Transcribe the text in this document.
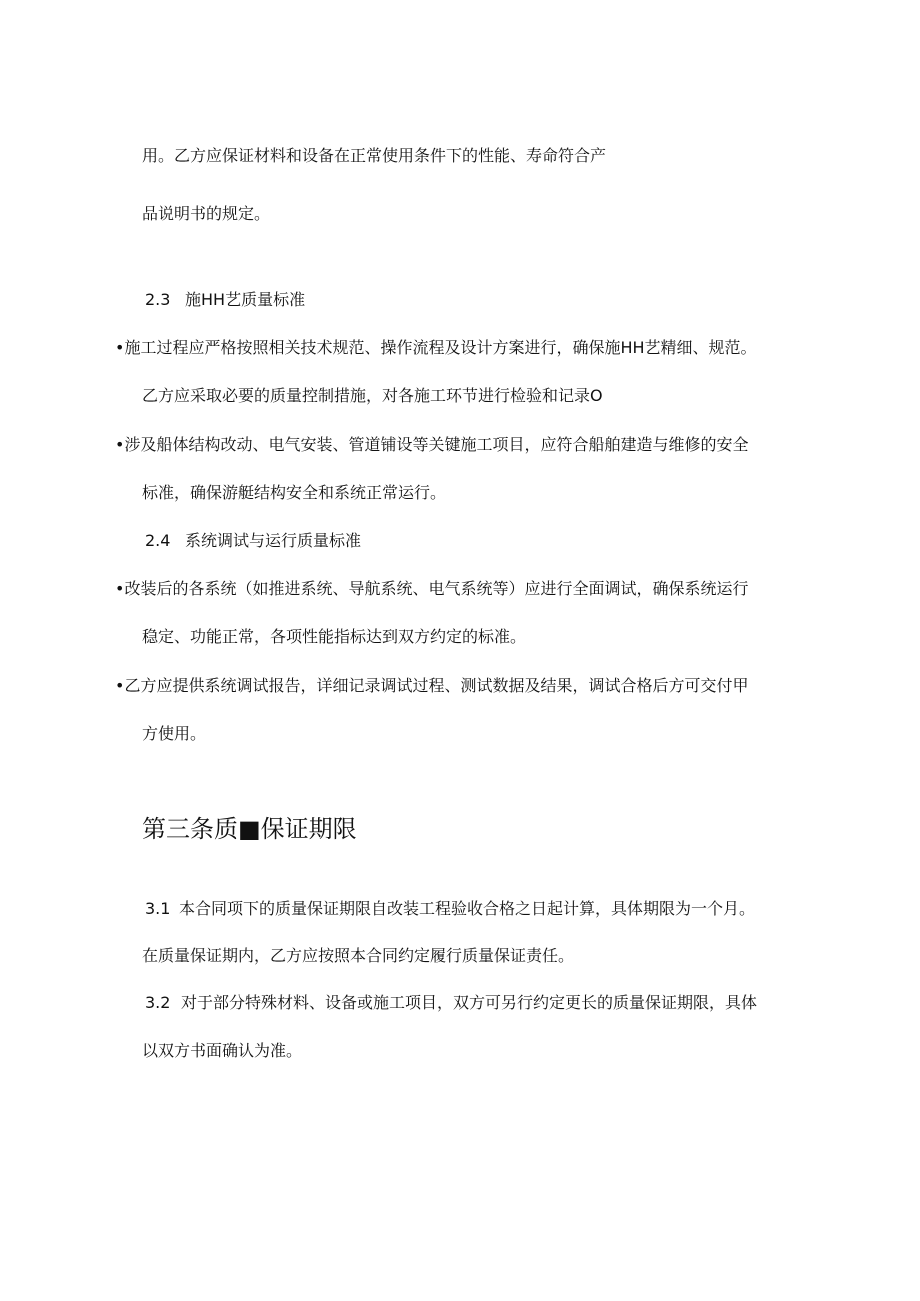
用。乙方应保证材料和设备在正常使用条件下的性能、寿命符合产
品说明书的规定。
2.3 施HH艺质量标准
•施工过程应严格按照相关技术规范、操作流程及设计方案进行，确保施HH艺精细、规范。
乙方应采取必要的质量控制措施，对各施工环节进行检验和记录O
•涉及船体结构改动、电气安装、管道铺设等关键施工项目，应符合船舶建造与维修的安全
标准，确保游艇结构安全和系统正常运行。
2.4 系统调试与运行质量标准
•改装后的各系统（如推进系统、导航系统、电气系统等）应进行全面调试，确保系统运行
稳定、功能正常，各项性能指标达到双方约定的标准。
•乙方应提供系统调试报告，详细记录调试过程、测试数据及结果，调试合格后方可交付甲
方使用。
第三条质■保证期限
3.1 本合同项下的质量保证期限自改装工程验收合格之日起计算，具体期限为一个月。
在质量保证期内，乙方应按照本合同约定履行质量保证责任。
3.2 对于部分特殊材料、设备或施工项目，双方可另行约定更长的质量保证期限，具体
以双方书面确认为准。
